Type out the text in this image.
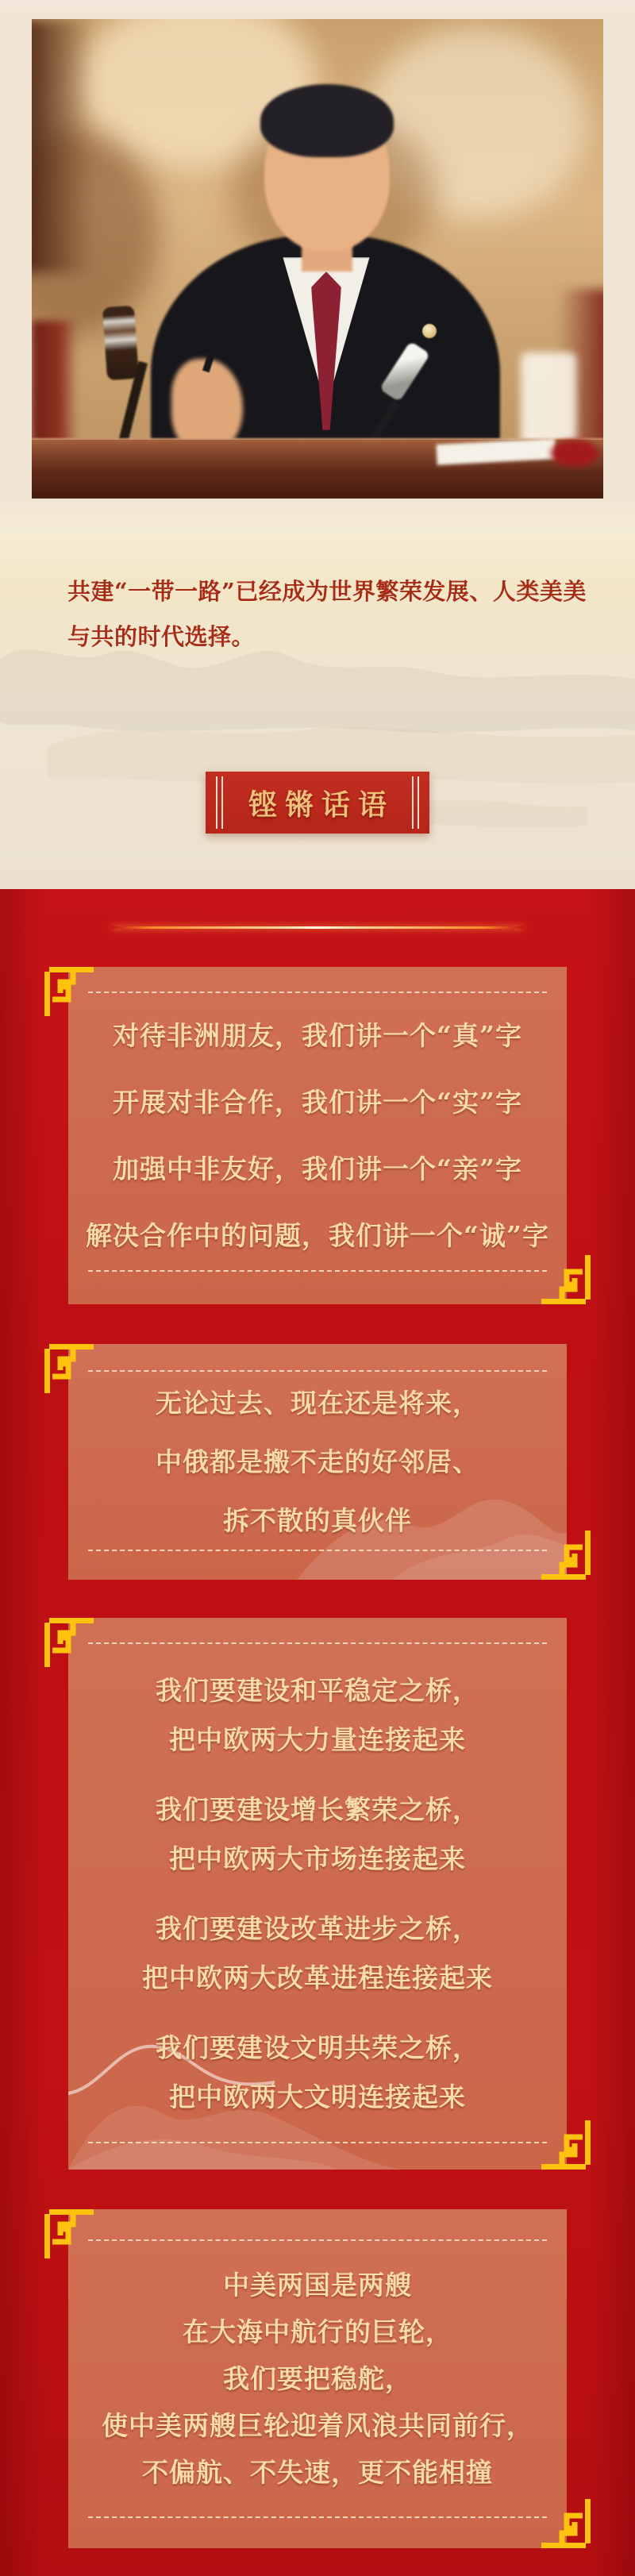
共建“一带一路”已经成为世界繁荣发展、人类美美与共的时代选择。

铿锵话语
对待非洲朋友，我们讲一个“真”字
开展对非合作，我们讲一个“实”字
加强中非友好，我们讲一个“亲”字
解决合作中的问题，我们讲一个“诚”字
无论过去、现在还是将来，
中俄都是搬不走的好邻居、
拆不散的真伙伴
我们要建设和平稳定之桥，
把中欧两大力量连接起来
我们要建设增长繁荣之桥，
把中欧两大市场连接起来
我们要建设改革进步之桥，
把中欧两大改革进程连接起来
我们要建设文明共荣之桥，
把中欧两大文明连接起来
中美两国是两艘
在大海中航行的巨轮，
我们要把稳舵，
使中美两艘巨轮迎着风浪共同前行，
不偏航、不失速，更不能相撞
